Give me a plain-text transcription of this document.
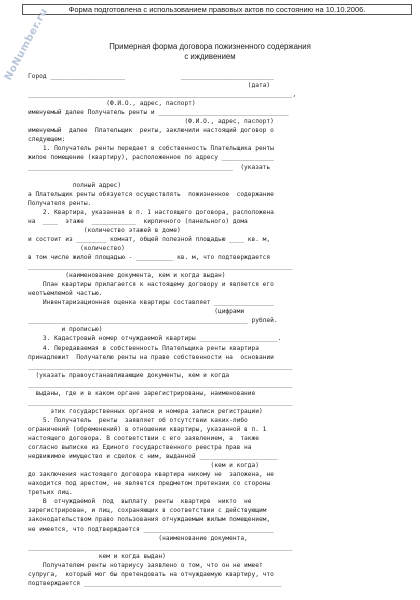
Форма подготовлена с использованием правовых актов по состоянию на 10.10.2006.
NoNumber.ru	Примерная форма договора пожизненного содержания
с иждивением
Город ____________________               _________________________
(дата)
_______________________________________________________________________,
(Ф.И.О., адрес, паспорт)
именуемый далее Получатель ренты и ___________________________________
(Ф.И.О., адрес, паспорт)
именуемый  далее  Плательщик  ренты, заключили настоящий договор о
следующем:
1. Получатель ренты передает в собственность Плательщика ренты
жилое помещение (квартиру), расположенное по адресу ______________
_______________________________________________________  (указать
полный адрес)
а Плательщик ренты обязуется осуществлять  пожизненное  содержание
Получателя ренты.
2. Квартира, указанная в п. 1 настоящего договора, расположена
на  ____  этаже  ____________  кирпичного (панельного) дома
(количество этажей в доме)
и состоит из ________ комнат, общей полезной площадью ____ кв. м,
(количество)
в том числе жилой площадью - __________ кв. м, что подтверждается
_______________________________________________________________________
(наименование документа, кем и когда выдан)
План квартиры прилагается к настоящему договору и является его
неотъемлемой частью.
Инвентаризационная оценка квартиры составляет ________________
(цифрами
___________________________________________________________ рублей.
и прописью)
3. Кадастровый номер отчуждаемой квартиры _____________________.
4. Передаваемая в собственность Плательщика ренты квартира
принадлежит  Получателю ренты на праве собственности на  основании
_______________________________________________________________________
(указать правоустанавливающие документы, кем и когда
_______________________________________________________________________
выданы, где и в каком органе зарегистрированы, наименование
_______________________________________________________________________
этих государственных органов и номера записи регистрации)
5. Получатель  ренты  заявляет об отсутствии каких-либо
ограничений (обременений) в отношении квартиры, указанной в п. 1
настоящего договора. В соответствии с его заявлением, а  также
согласно выписке из Единого государственного реестра прав на
недвижимое имущество и сделок с ним, выданной _____________________
(кем и когда)
до заключения настоящего договора квартира никому не  заложена, не
находится под арестом, не является предметом претензии со стороны
третьих лиц.
В  отчуждаемой  под  выплату  ренты  квартире  никто  не
зарегистрирован, и лиц, сохраняющих в соответствии с действующим
законодательством право пользования отчуждаемым жилым помещением,
не имеется, что подтверждается ___________________________________
(наименование документа,
_______________________________________________________________________
кем и когда выдан)
Получателем ренты нотариусу заявлено о том, что он не имеет
супруга,  который мог бы претендовать на отчуждаемую квартиру, что
подтверждается _____________________________________________________
